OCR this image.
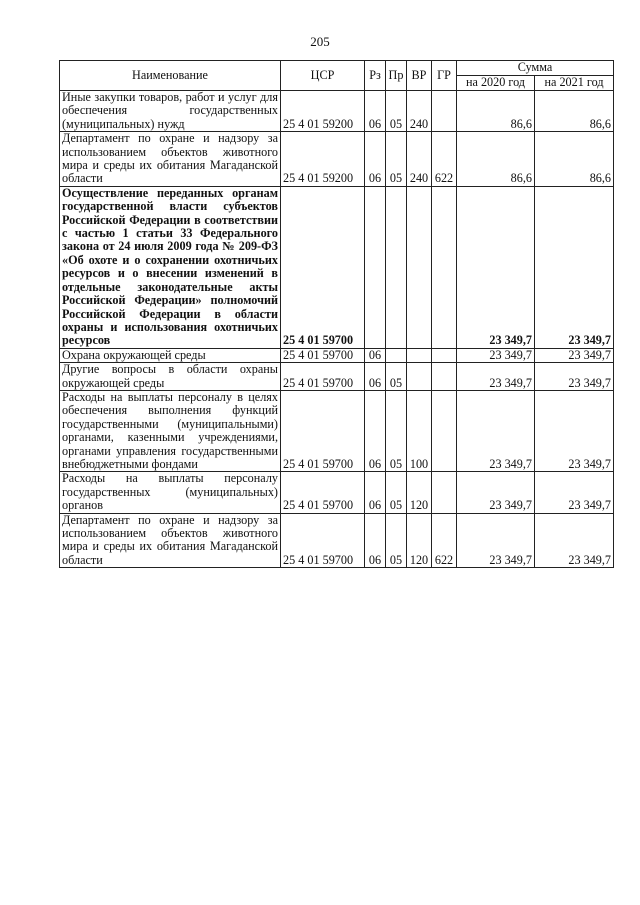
205
Наименование	ЦСР	Рз	Пр	ВР	ГР	Сумма	
						на 2020 год	на 2021 год
Иные закупки товаров, работ и услуг для обеспечения государственных (муниципальных) нужд	25 4 01 59200	06	05	240		86,6	86,6
Департамент по охране и надзору за использованием объектов животного мира и среды их обитания Магаданской области	25 4 01 59200	06	05	240	622	86,6	86,6
Осуществление переданных органам государственной власти субъектов Российской Федерации в соответствии с частью 1 статьи 33 Федерального закона от 24 июля 2009 года № 209-ФЗ «Об охоте и о сохранении охотничьих ресурсов и о внесении изменений в отдельные законодательные акты Российской Федерации» полномочий Российской Федерации в области охраны и использования охотничьих ресурсов	25 4 01 59700					23 349,7	23 349,7
Охрана окружающей среды	25 4 01 59700	06				23 349,7	23 349,7
Другие вопросы в области охраны окружающей среды	25 4 01 59700	06	05			23 349,7	23 349,7
Расходы на выплаты персоналу в целях обеспечения выполнения функций государственными (муниципальными) органами, казенными учреждениями, органами управления государственными внебюджетными фондами	25 4 01 59700	06	05	100		23 349,7	23 349,7
Расходы на выплаты персоналу государственных (муниципальных) органов	25 4 01 59700	06	05	120		23 349,7	23 349,7
Департамент по охране и надзору за использованием объектов животного мира и среды их обитания Магаданской области	25 4 01 59700	06	05	120	622	23 349,7	23 349,7
